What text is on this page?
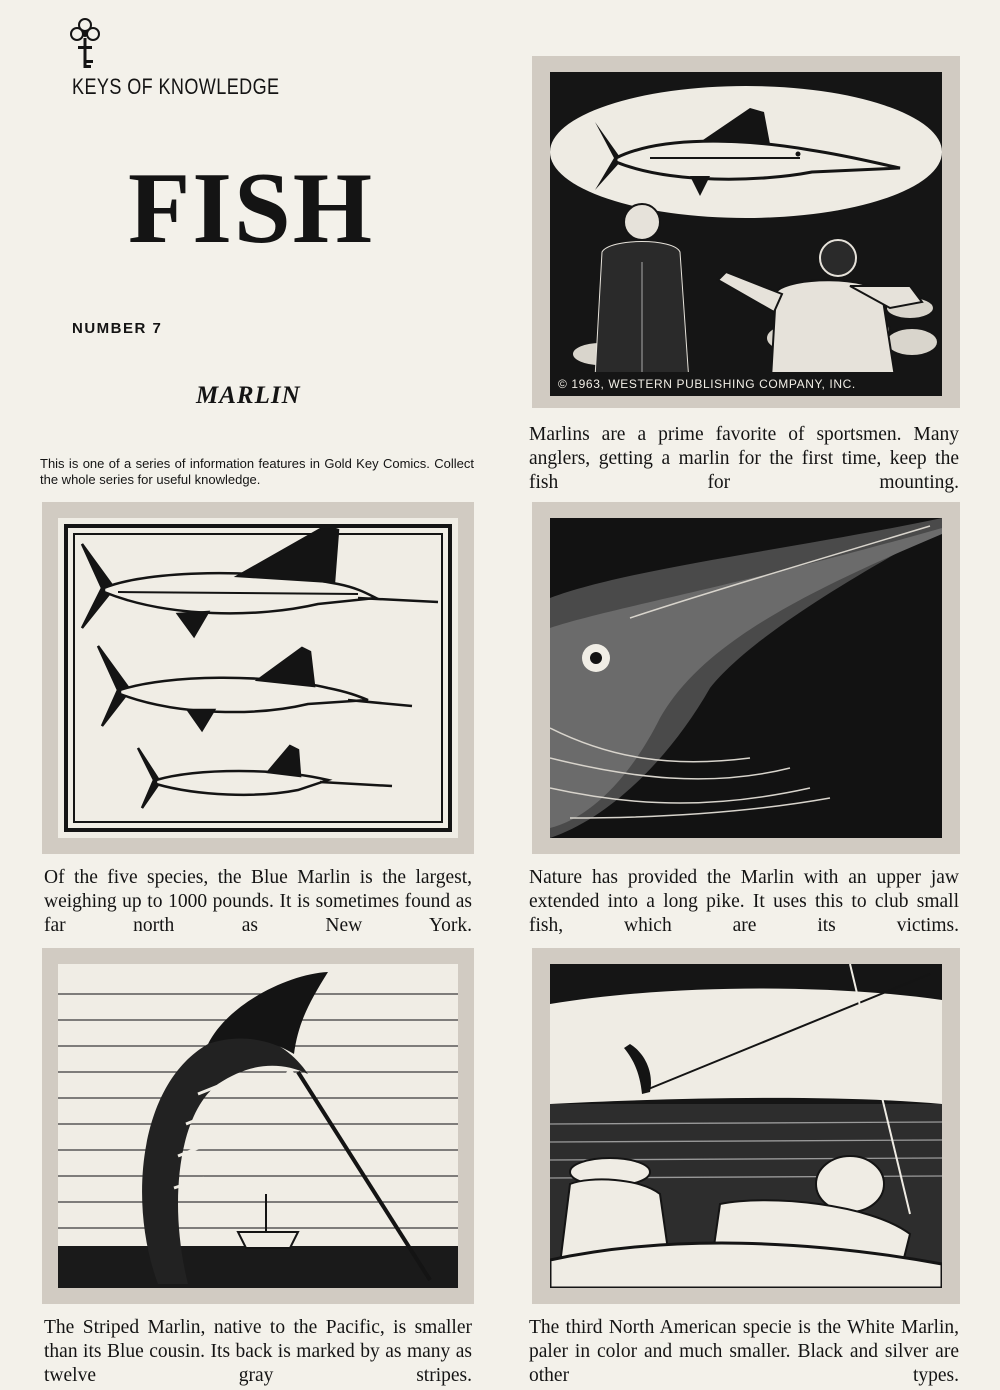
KEYS OF KNOWLEDGE
FISH
NUMBER 7
MARLIN
This is one of a series of information features in Gold Key Comics. Collect the whole series for useful knowledge.
© 1963, WESTERN PUBLISHING COMPANY, INC.
Marlins are a prime favorite of sportsmen. Many anglers, getting a marlin for the first time, keep the fish for mounting.
Of the five species, the Blue Marlin is the largest, weighing up to 1000 pounds. It is sometimes found as far north as New York.
Nature has provided the Marlin with an upper jaw extended into a long pike. It uses this to club small fish, which are its victims.
The Striped Marlin, native to the Pacific, is smaller than its Blue cousin. Its back is marked by as many as twelve gray stripes.
The third North American specie is the White Marlin, paler in color and much smaller. Black and silver are other types.
